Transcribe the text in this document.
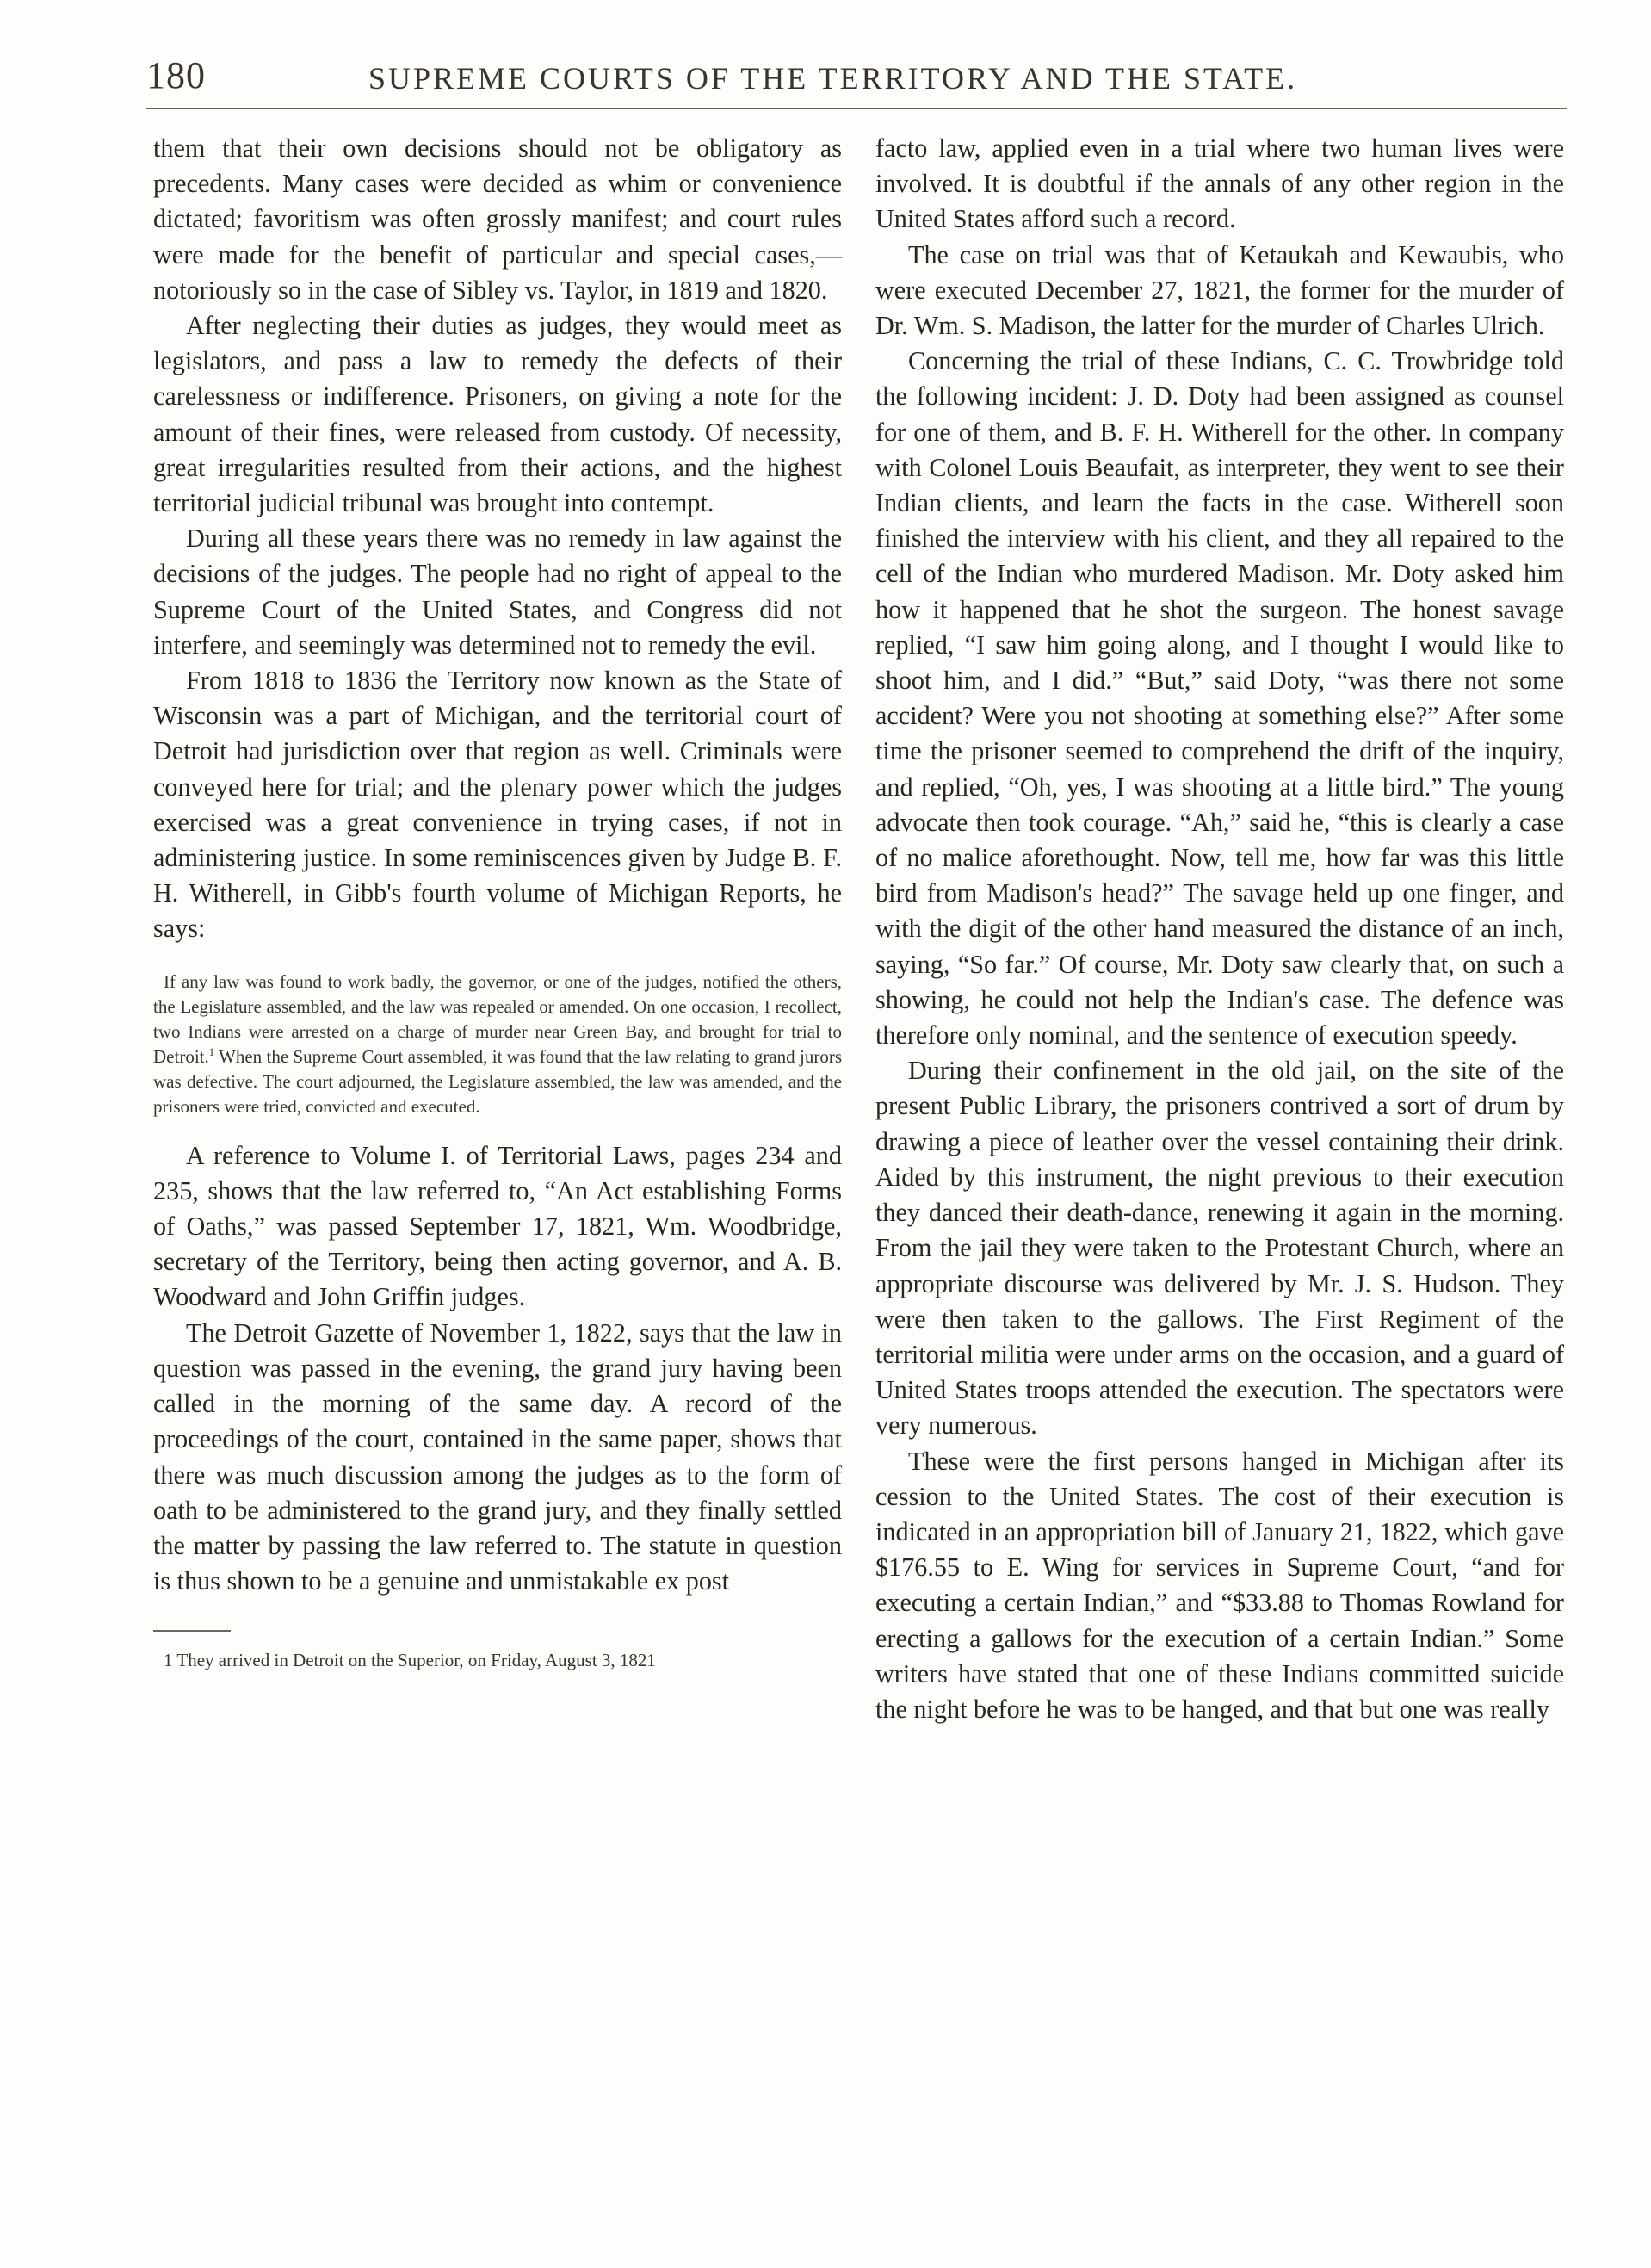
180	SUPREME COURTS OF THE TERRITORY AND THE STATE.

them that their own decisions should not be obligatory as precedents. Many cases were decided as whim or convenience dictated; favoritism was often grossly manifest; and court rules were made for the benefit of particular and special cases,—notoriously so in the case of Sibley vs. Taylor, in 1819 and 1820.

After neglecting their duties as judges, they would meet as legislators, and pass a law to remedy the defects of their carelessness or indifference. Prisoners, on giving a note for the amount of their fines, were released from custody. Of necessity, great irregularities resulted from their actions, and the highest territorial judicial tribunal was brought into contempt.

During all these years there was no remedy in law against the decisions of the judges. The people had no right of appeal to the Supreme Court of the United States, and Congress did not interfere, and seemingly was determined not to remedy the evil.

From 1818 to 1836 the Territory now known as the State of Wisconsin was a part of Michigan, and the territorial court of Detroit had jurisdiction over that region as well. Criminals were conveyed here for trial; and the plenary power which the judges exercised was a great convenience in trying cases, if not in administering justice. In some reminiscences given by Judge B. F. H. Witherell, in Gibb's fourth volume of Michigan Reports, he says:

If any law was found to work badly, the governor, or one of the judges, notified the others, the Legislature assembled, and the law was repealed or amended. On one occasion, I recollect, two Indians were arrested on a charge of murder near Green Bay, and brought for trial to Detroit.$^1$ When the Supreme Court assembled, it was found that the law relating to grand jurors was defective. The court adjourned, the Legislature assembled, the law was amended, and the prisoners were tried, convicted and executed.

A reference to Volume I. of Territorial Laws, pages 234 and 235, shows that the law referred to, “An Act establishing Forms of Oaths,” was passed September 17, 1821, Wm. Woodbridge, secretary of the Territory, being then acting governor, and A. B. Woodward and John Griffin judges.

The Detroit Gazette of November 1, 1822, says that the law in question was passed in the evening, the grand jury having been called in the morning of the same day. A record of the proceedings of the court, contained in the same paper, shows that there was much discussion among the judges as to the form of oath to be administered to the grand jury, and they finally settled the matter by passing the law referred to. The statute in question is thus shown to be a genuine and unmistakable ex post

1 They arrived in Detroit on the Superior, on Friday, August 3, 1821

facto law, applied even in a trial where two human lives were involved. It is doubtful if the annals of any other region in the United States afford such a record.

The case on trial was that of Ketaukah and Kewaubis, who were executed December 27, 1821, the former for the murder of Dr. Wm. S. Madison, the latter for the murder of Charles Ulrich.

Concerning the trial of these Indians, C. C. Trowbridge told the following incident: J. D. Doty had been assigned as counsel for one of them, and B. F. H. Witherell for the other. In company with Colonel Louis Beaufait, as interpreter, they went to see their Indian clients, and learn the facts in the case. Witherell soon finished the interview with his client, and they all repaired to the cell of the Indian who murdered Madison. Mr. Doty asked him how it happened that he shot the surgeon. The honest savage replied, “I saw him going along, and I thought I would like to shoot him, and I did.” “But,” said Doty, “was there not some accident? Were you not shooting at something else?” After some time the prisoner seemed to comprehend the drift of the inquiry, and replied, “Oh, yes, I was shooting at a little bird.” The young advocate then took courage. “Ah,” said he, “this is clearly a case of no malice aforethought. Now, tell me, how far was this little bird from Madison's head?” The savage held up one finger, and with the digit of the other hand measured the distance of an inch, saying, “So far.” Of course, Mr. Doty saw clearly that, on such a showing, he could not help the Indian's case. The defence was therefore only nominal, and the sentence of execution speedy.

During their confinement in the old jail, on the site of the present Public Library, the prisoners contrived a sort of drum by drawing a piece of leather over the vessel containing their drink. Aided by this instrument, the night previous to their execution they danced their death-dance, renewing it again in the morning. From the jail they were taken to the Protestant Church, where an appropriate discourse was delivered by Mr. J. S. Hudson. They were then taken to the gallows. The First Regiment of the territorial militia were under arms on the occasion, and a guard of United States troops attended the execution. The spectators were very numerous.

These were the first persons hanged in Michigan after its cession to the United States. The cost of their execution is indicated in an appropriation bill of January 21, 1822, which gave $176.55 to E. Wing for services in Supreme Court, “and for executing a certain Indian,” and “$33.88 to Thomas Rowland for erecting a gallows for the execution of a certain Indian.” Some writers have stated that one of these Indians committed suicide the night before he was to be hanged, and that but one was really
